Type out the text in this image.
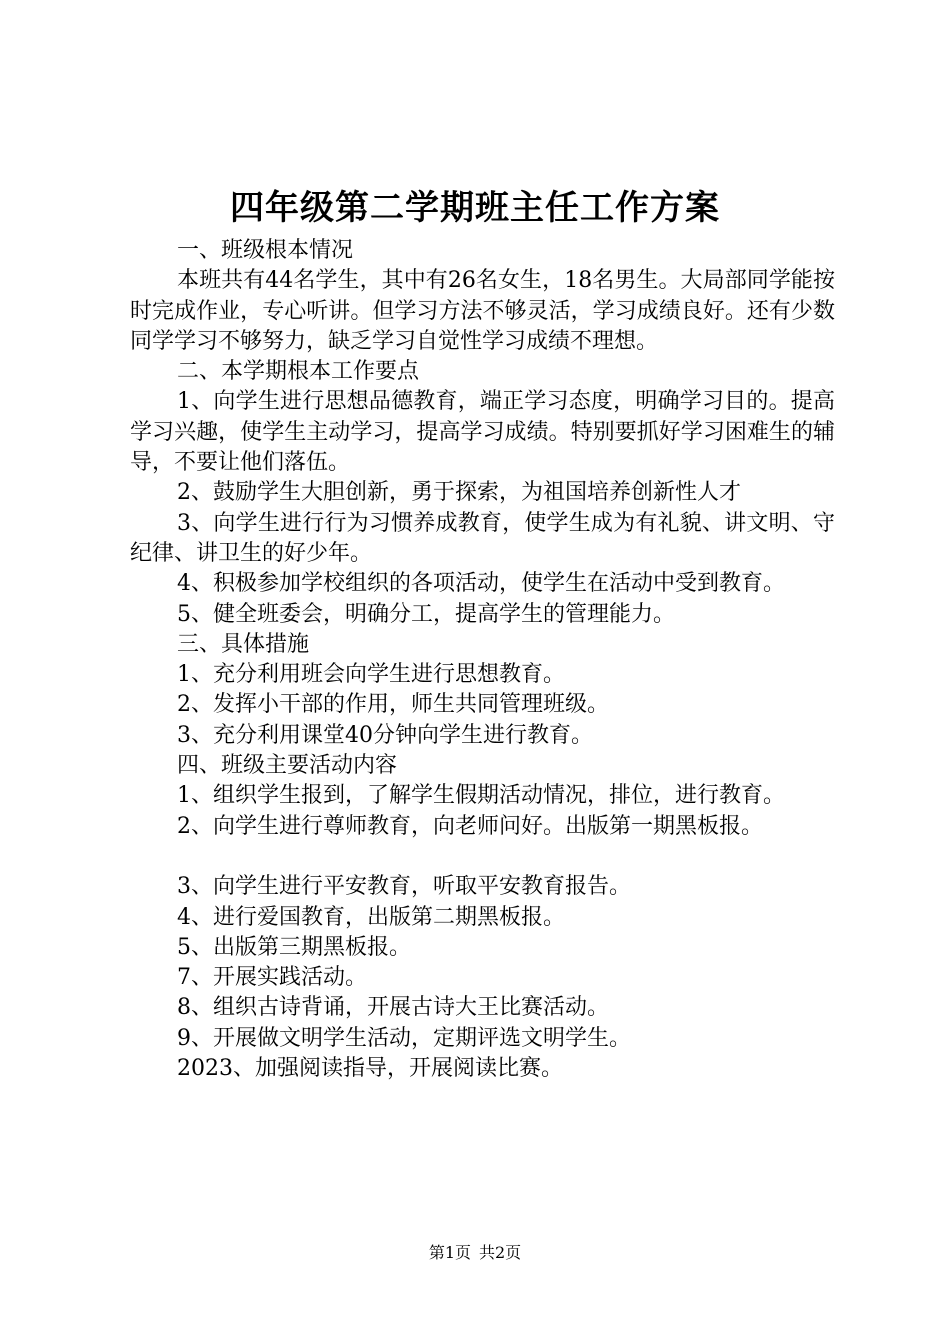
四年级第二学期班主任工作方案

一、班级根本情况

本班共有44名学生，其中有26名女生，18名男生。大局部同学能按时完成作业，专心听讲。但学习方法不够灵活，学习成绩良好。还有少数同学学习不够努力，缺乏学习自觉性学习成绩不理想。

二、本学期根本工作要点

1、向学生进行思想品德教育，端正学习态度，明确学习目的。提高学习兴趣，使学生主动学习，提高学习成绩。特别要抓好学习困难生的辅导，不要让他们落伍。

2、鼓励学生大胆创新，勇于探索，为祖国培养创新性人才

3、向学生进行行为习惯养成教育，使学生成为有礼貌、讲文明、守纪律、讲卫生的好少年。

4、积极参加学校组织的各项活动，使学生在活动中受到教育。

5、健全班委会，明确分工，提高学生的管理能力。

三、具体措施

1、充分利用班会向学生进行思想教育。

2、发挥小干部的作用，师生共同管理班级。

3、充分利用课堂40分钟向学生进行教育。

四、班级主要活动内容

1、组织学生报到，了解学生假期活动情况，排位，进行教育。

2、向学生进行尊师教育，向老师问好。出版第一期黑板报。

3、向学生进行平安教育，听取平安教育报告。

4、进行爱国教育，出版第二期黑板报。

5、出版第三期黑板报。

7、开展实践活动。

8、组织古诗背诵，开展古诗大王比赛活动。

9、开展做文明学生活动，定期评选文明学生。

2023、加强阅读指导，开展阅读比赛。

第1页 共2页
